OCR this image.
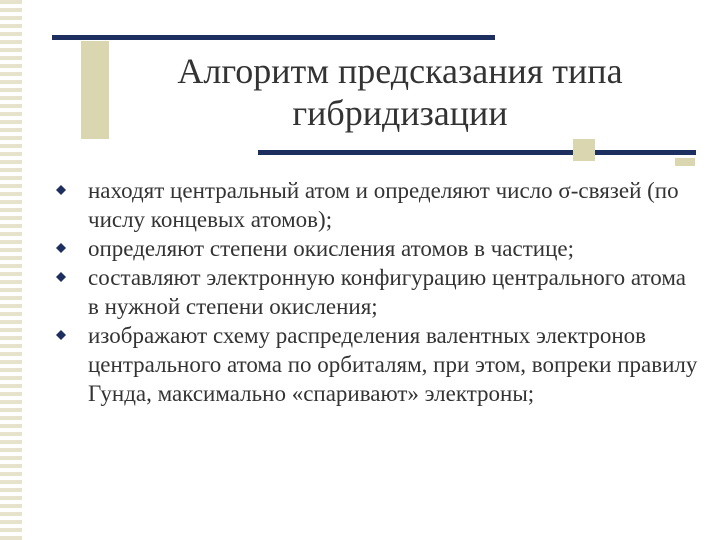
Алгоритм предсказания типа гибридизации
находят центральный атом и определяют число σ-связей (по числу концевых атомов);
определяют степени окисления атомов в частице;
составляют электронную конфигурацию центрального атома в нужной степени окисления;
изображают схему распределения валентных электронов центрального атома по орбиталям, при этом, вопреки правилу Гунда, максимально «спаривают» электроны;
